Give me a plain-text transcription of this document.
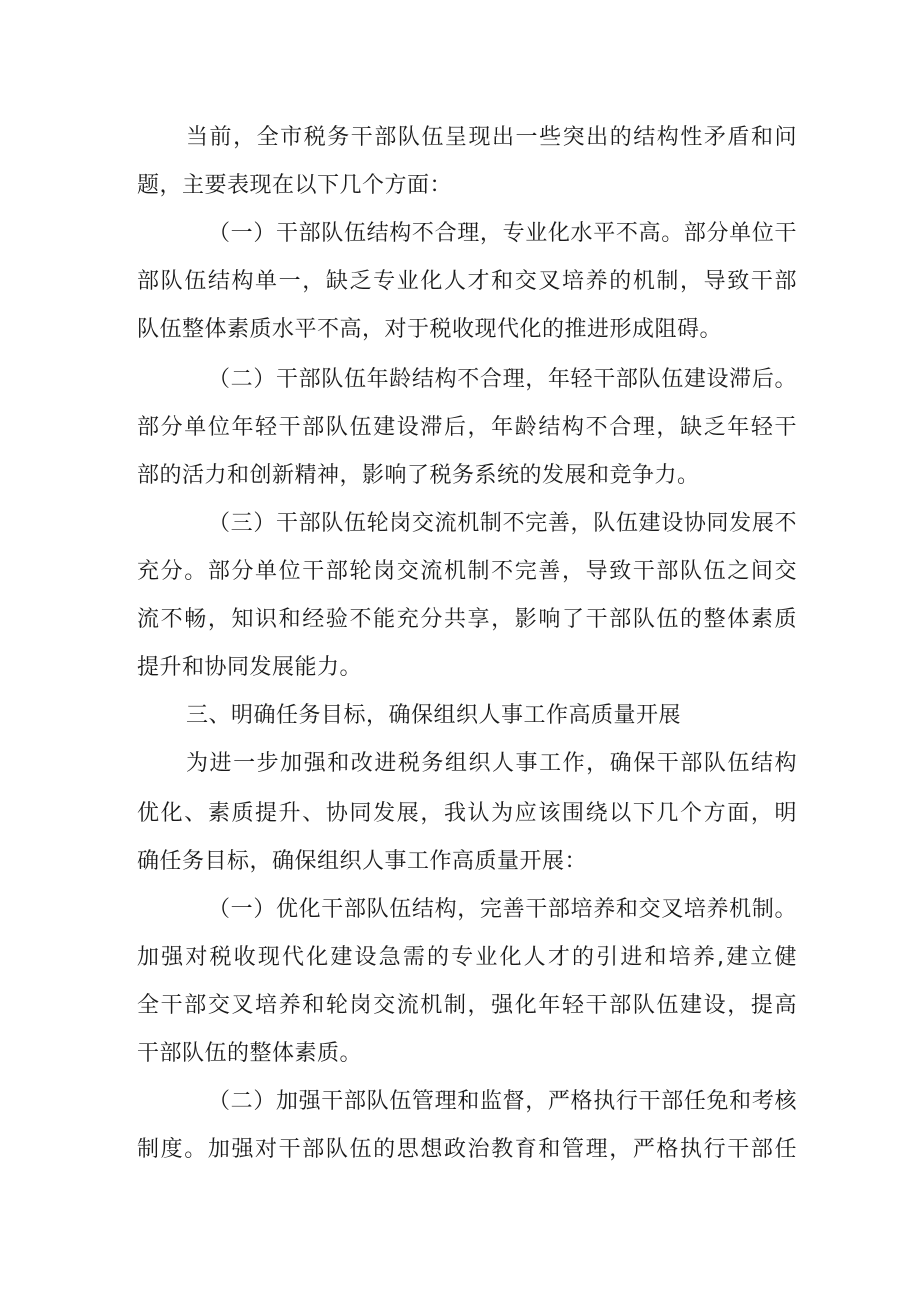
当前，全市税务干部队伍呈现出一些突出的结构性矛盾和问
题，主要表现在以下几个方面：
（一）干部队伍结构不合理，专业化水平不高。部分单位干
部队伍结构单一，缺乏专业化人才和交叉培养的机制，导致干部
队伍整体素质水平不高，对于税收现代化的推进形成阻碍。
（二）干部队伍年龄结构不合理，年轻干部队伍建设滞后。
部分单位年轻干部队伍建设滞后，年龄结构不合理，缺乏年轻干
部的活力和创新精神，影响了税务系统的发展和竞争力。
（三）干部队伍轮岗交流机制不完善，队伍建设协同发展不
充分。部分单位干部轮岗交流机制不完善，导致干部队伍之间交
流不畅，知识和经验不能充分共享，影响了干部队伍的整体素质
提升和协同发展能力。
三、明确任务目标，确保组织人事工作高质量开展
为进一步加强和改进税务组织人事工作，确保干部队伍结构
优化、素质提升、协同发展，我认为应该围绕以下几个方面，明
确任务目标，确保组织人事工作高质量开展：
（一）优化干部队伍结构，完善干部培养和交叉培养机制。
加强对税收现代化建设急需的专业化人才的引进和培养,建立健
全干部交叉培养和轮岗交流机制，强化年轻干部队伍建设，提高
干部队伍的整体素质。
（二）加强干部队伍管理和监督，严格执行干部任免和考核
制度。加强对干部队伍的思想政治教育和管理，严格执行干部任
